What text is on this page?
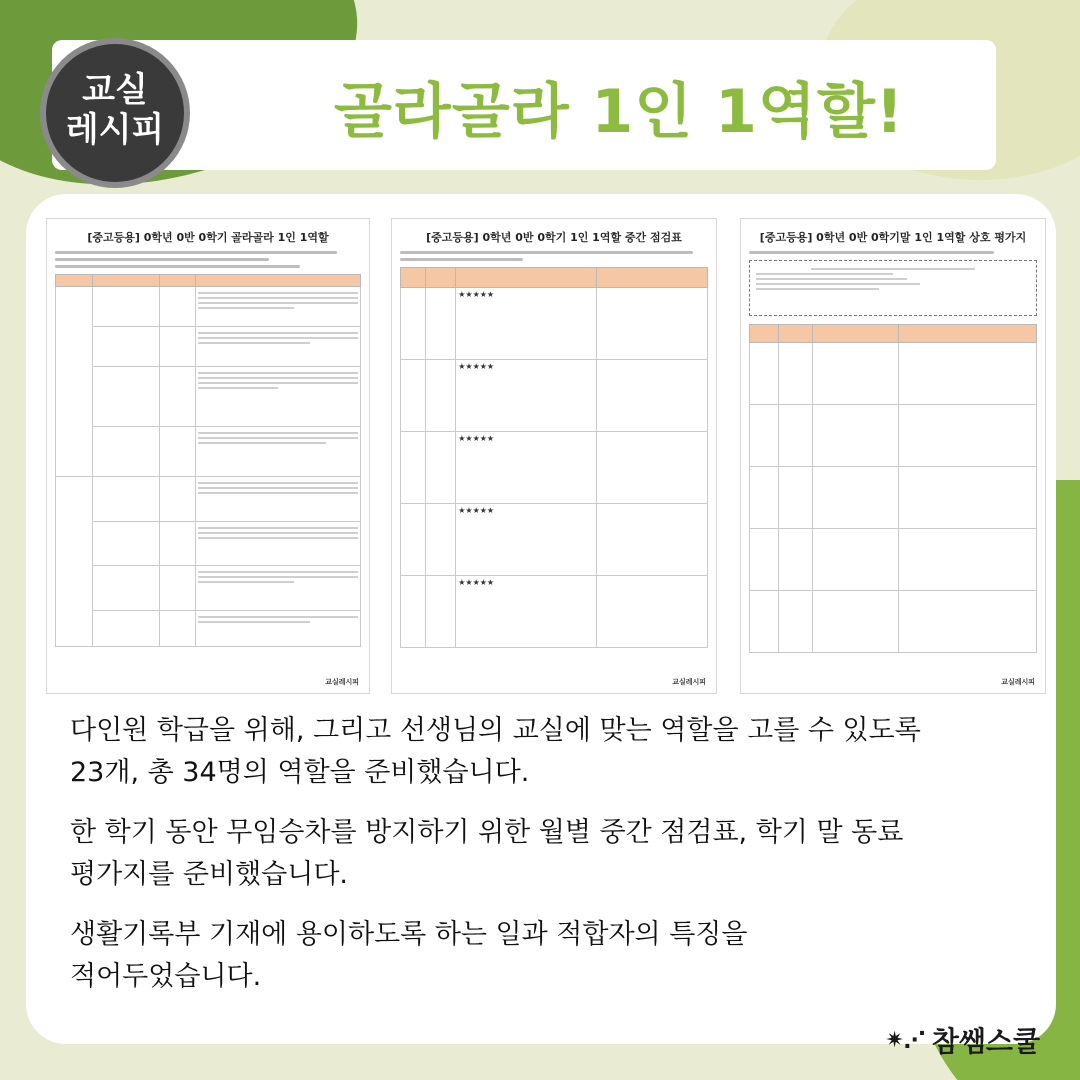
골라골라 1인 1역할!
교실
레시피
[중고등용] 0학년 0반 0학기 골라골라 1인 1역할

교실레시피
[중고등용] 0학년 0반 0학기 1인 1역할 중간 점검표

		★★★★★	
		★★★★★	
		★★★★★	
		★★★★★	
		★★★★★	
교실레시피
[중고등용] 0학년 0반 0학기말 1인 1역할 상호 평가지

교실레시피

다인원 학급을 위해, 그리고 선생님의 교실에 맞는 역할을 고를 수 있도록
23개, 총 34명의 역할을 준비했습니다.

한 학기 동안 무임승차를 방지하기 위한 월별 중간 점검표, 학기 말 동료
평가지를 준비했습니다.

생활기록부 기재에 용이하도록 하는 일과 적합자의 특징을
적어두었습니다.

✷⋰ 참쌤스쿨
